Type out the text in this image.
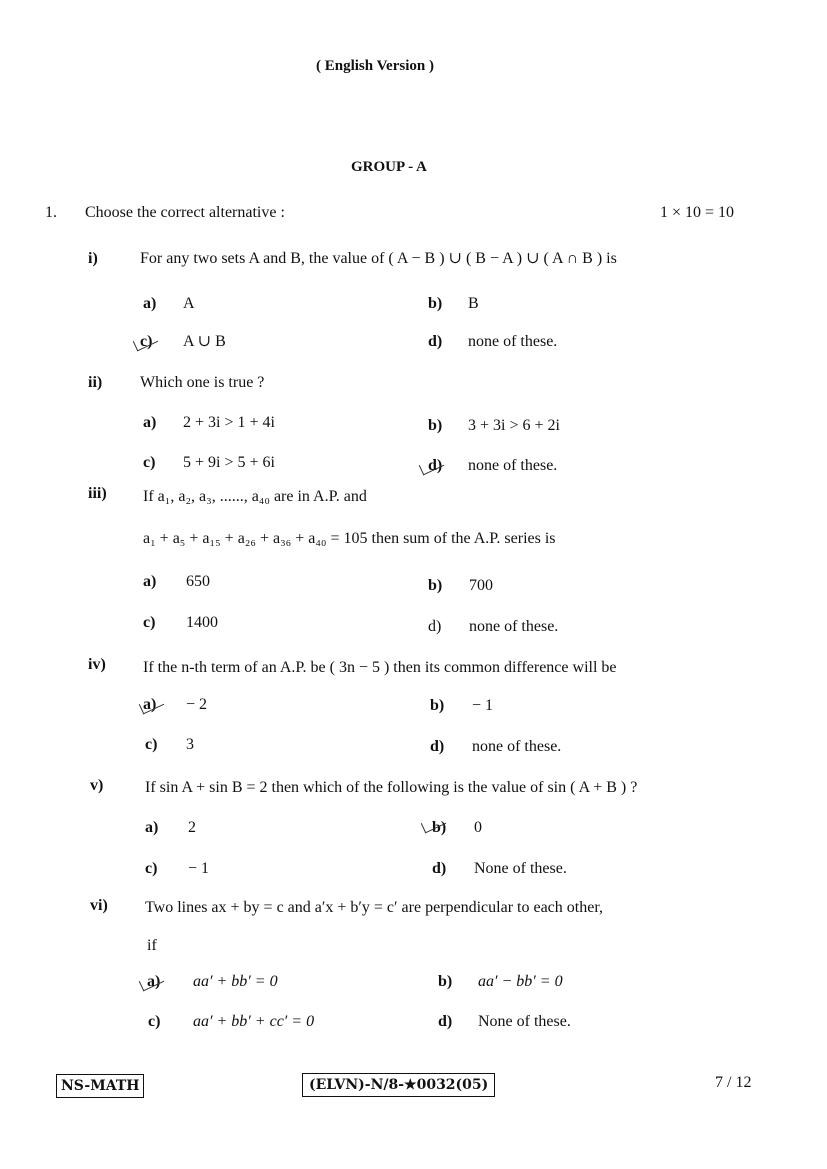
( English Version )
GROUP - A
1. Choose the correct alternative :	1 × 10 = 10
i)	For any two sets A and B, the value of ( A − B ) ∪ ( B − A ) ∪ ( A ∩ B ) is
a) A	b) B
c) A ∪ B	d) none of these.
ii) Which one is true ?
a) 2 + 3i > 1 + 4i	b) 3 + 3i > 6 + 2i
c) 5 + 9i > 5 + 6i	d) none of these.
iii) If a₁, a₂, a₃, ......, a₄₀ are in A.P. and
a₁ + a₅ + a₁₅ + a₂₆ + a₃₆ + a₄₀ = 105 then sum of the A.P. series is
a) 650	b) 700
c) 1400	d) none of these.
iv) If the n-th term of an A.P. be ( 3n − 5 ) then its common difference will be
a) − 2	b) − 1
c) 3	d) none of these.
v)	If sin A + sin B = 2 then which of the following is the value of sin ( A + B ) ?
a) 2	b) 0
c) − 1	d) None of these.
vi) Two lines ax + by = c and a′x + b′y = c′ are perpendicular to each other,
if
a) aa′ + bb′ = 0	b) aa′ − bb′ = 0
c) aa′ + bb′ + cc′ = 0	d) None of these.
NS-MATH	(ELVN)-N/8-★0032(05)	7 / 12
